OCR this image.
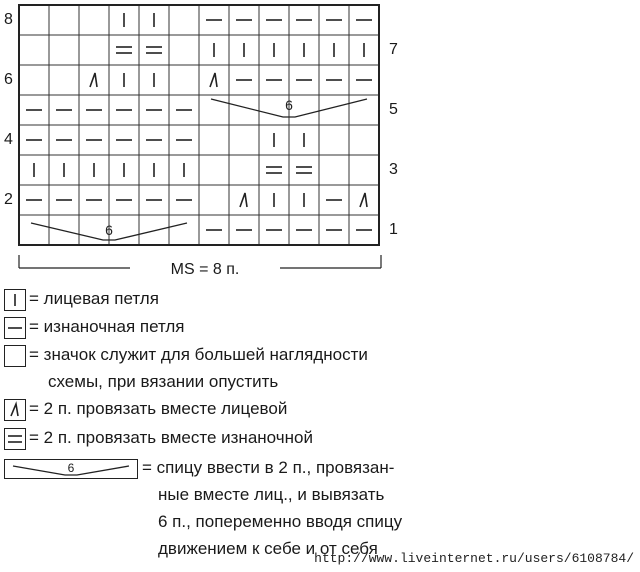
6
6
8
6
4
2
7
5
3
1
MS = 8 п.
= лицевая петля
= изнаночная петля
= значок служит для большей наглядности
схемы, при вязании опустить
= 2 п. провязать вместе лицевой
= 2 п. провязать вместе изнаночной
6	= спицу ввести в 2 п., провязан-
ные вместе лиц., и вывязать
6 п., попеременно вводя спицу
движением к себе и от себя
http://www.liveinternet.ru/users/6108784/
